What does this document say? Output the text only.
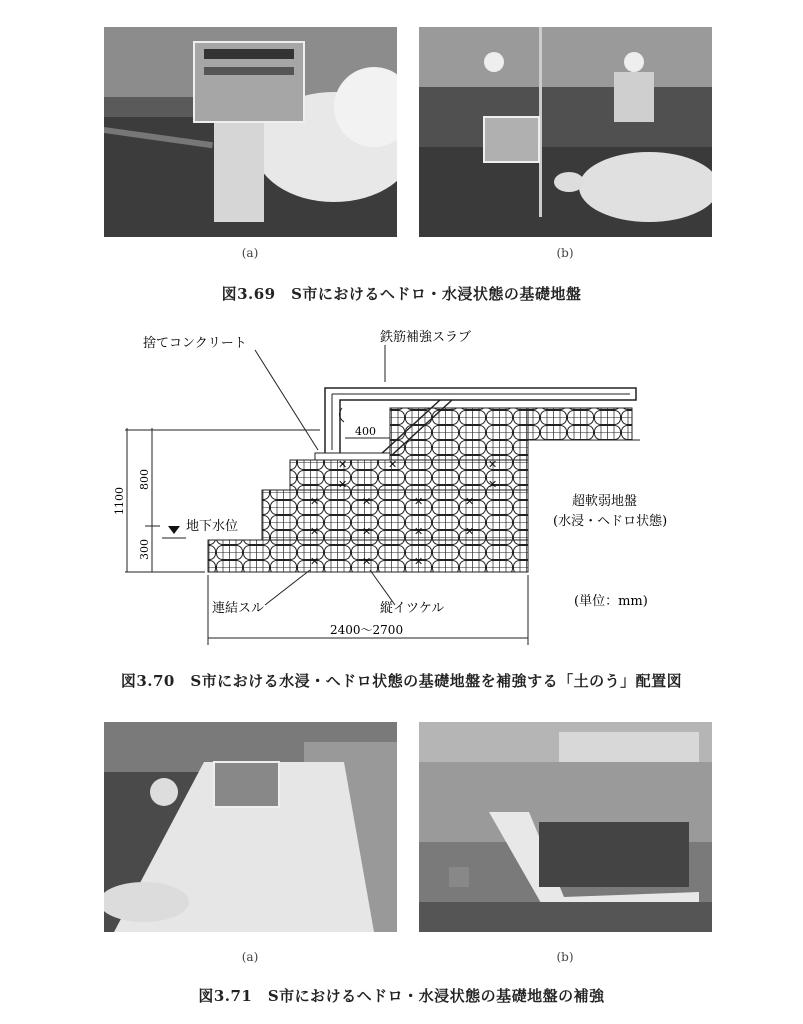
(a)	(b)
図3.69　S市におけるヘドロ・水浸状態の基礎地盤
✕	✕
✕
✕
✕
✕
✕
✕
✕
✕
✕
✕
✕
✕
✕
✕
捨てコンクリート	鉄筋補強スラブ
400
1100
800
300
地下水位
超軟弱地盤
(水浸・ヘドロ状態)
(単位：mm)
連結スル	縦イツケル
2400〜2700
図3.70　S市における水浸・ヘドロ状態の基礎地盤を補強する「土のう」配置図
(a)	(b)
図3.71　S市におけるヘドロ・水浸状態の基礎地盤の補強
